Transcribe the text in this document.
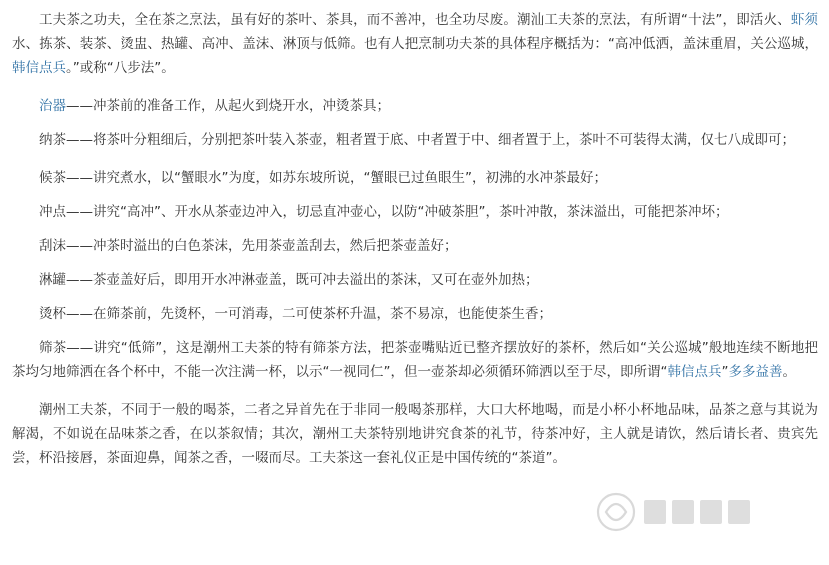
工夫茶之功夫，全在茶之烹法，虽有好的茶叶、茶具，而不善冲，也全功尽废。潮汕工夫茶的烹法，有所谓“十法”，即活火、虾须水、拣茶、装茶、烫盅、热罐、高冲、盖沫、淋顶与低筛。也有人把烹制功夫茶的具体程序概括为：“高冲低洒，盖沫重眉，关公巡城，韩信点兵。”或称“八步法”。

治器——冲茶前的准备工作，从起火到烧开水，冲烫茶具；

纳茶——将茶叶分粗细后，分别把茶叶装入茶壶，粗者置于底、中者置于中、细者置于上，茶叶不可装得太满，仅七八成即可；

候茶——讲究煮水，以“蟹眼水”为度，如苏东坡所说，“蟹眼已过鱼眼生”，初沸的水冲茶最好；

冲点——讲究“高冲”、开水从茶壶边冲入，切忌直冲壶心，以防“冲破茶胆”，茶叶冲散，茶沫溢出，可能把茶冲坏；

刮沫——冲茶时溢出的白色茶沫，先用茶壶盖刮去，然后把茶壶盖好；

淋罐——茶壶盖好后，即用开水冲淋壶盖，既可冲去溢出的茶沫，又可在壶外加热；

烫杯——在筛茶前，先烫杯，一可消毒，二可使茶杯升温，茶不易凉，也能使茶生香；

筛茶——讲究“低筛”，这是潮州工夫茶的特有筛茶方法，把茶壶嘴贴近已整齐摆放好的茶杯，然后如“关公巡城”般地连续不断地把茶均匀地筛洒在各个杯中，不能一次注满一杯，以示“一视同仁”，但一壶茶却必须循环筛洒以至于尽，即所谓“韩信点兵”多多益善。

潮州工夫茶，不同于一般的喝茶，二者之异首先在于非同一般喝茶那样，大口大杯地喝，而是小杯小杯地品味，品茶之意与其说为解渴，不如说在品味茶之香，在以茶叙情；其次，潮州工夫茶特别地讲究食茶的礼节，待茶冲好，主人就是请饮，然后请长者、贵宾先尝，杯沿接唇，茶面迎鼻，闻茶之香，一啜而尽。工夫茶这一套礼仪正是中国传统的“茶道”。
